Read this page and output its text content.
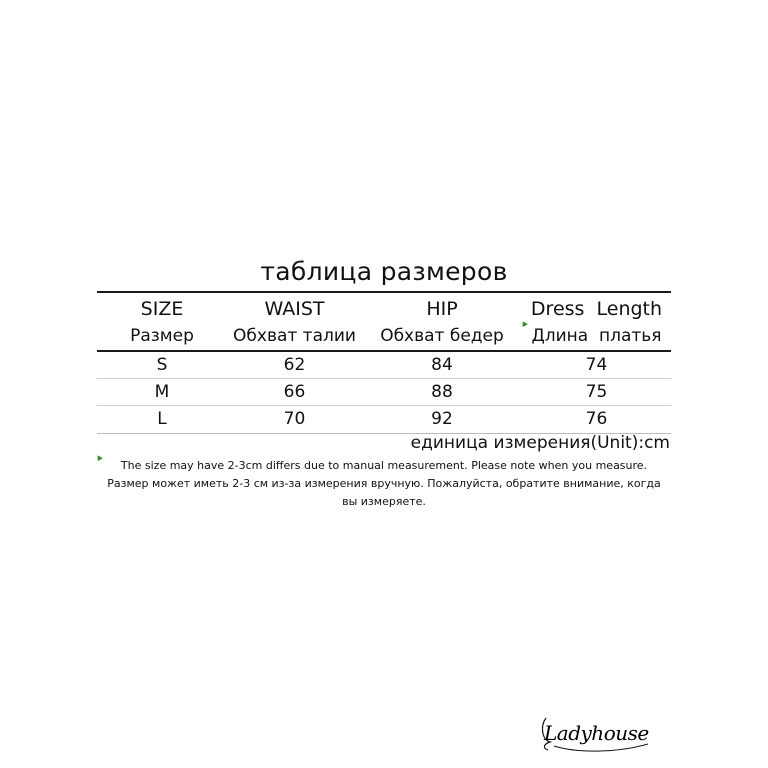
таблица размеров
SIZE	WAIST	HIP	Dress  Length
Размер	Обхват талии	Обхват бедер	Длина  платья
S	62	84	74
M	66	88	75
L	70	92	76
единица измерения(Unit):cm
The size may have 2-3cm differs due to manual measurement. Please note when you measure.
Размер может иметь 2-3 см из-за измерения вручную. Пожалуйста, обратите внимание, когда вы измеряете.
Ladyhouse
